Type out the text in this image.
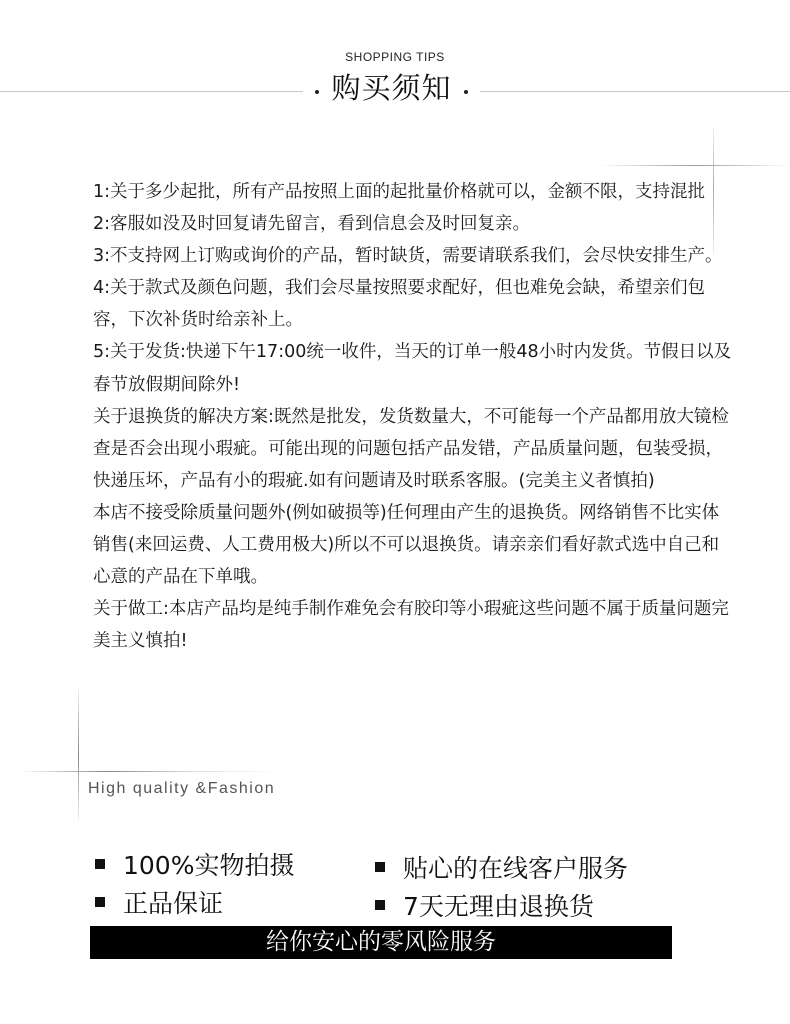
SHOPPING TIPS
购买须知

1:关于多少起批，所有产品按照上面的起批量价格就可以，金额不限，支持混批

2:客服如没及时回复请先留言，看到信息会及时回复亲。

3:不支持网上订购或询价的产品，暂时缺货，需要请联系我们，会尽快安排生产。

4:关于款式及颜色问题，我们会尽量按照要求配好，但也难免会缺，希望亲们包容，下次补货时给亲补上。

5:关于发货:快递下午17:00统一收件，当天的订单一般48小时内发货。节假日以及春节放假期间除外!

关于退换货的解决方案:既然是批发，发货数量大，不可能每一个产品都用放大镜检查是否会出现小瑕疵。可能出现的问题包括产品发错，产品质量问题，包装受损，快递压坏，产品有小的瑕疵.如有问题请及时联系客服。(完美主义者慎拍)

本店不接受除质量问题外(例如破损等)任何理由产生的退换货。网络销售不比实体销售(来回运费、人工费用极大)所以不可以退换货。请亲亲们看好款式选中自己和心意的产品在下单哦。

关于做工:本店产品均是纯手制作难免会有胶印等小瑕疵这些问题不属于质量问题完美主义慎拍!

High quality &Fashion
100%实物拍摄	贴心的在线客户服务
正品保证	7天无理由退换货
给你安心的零风险服务
